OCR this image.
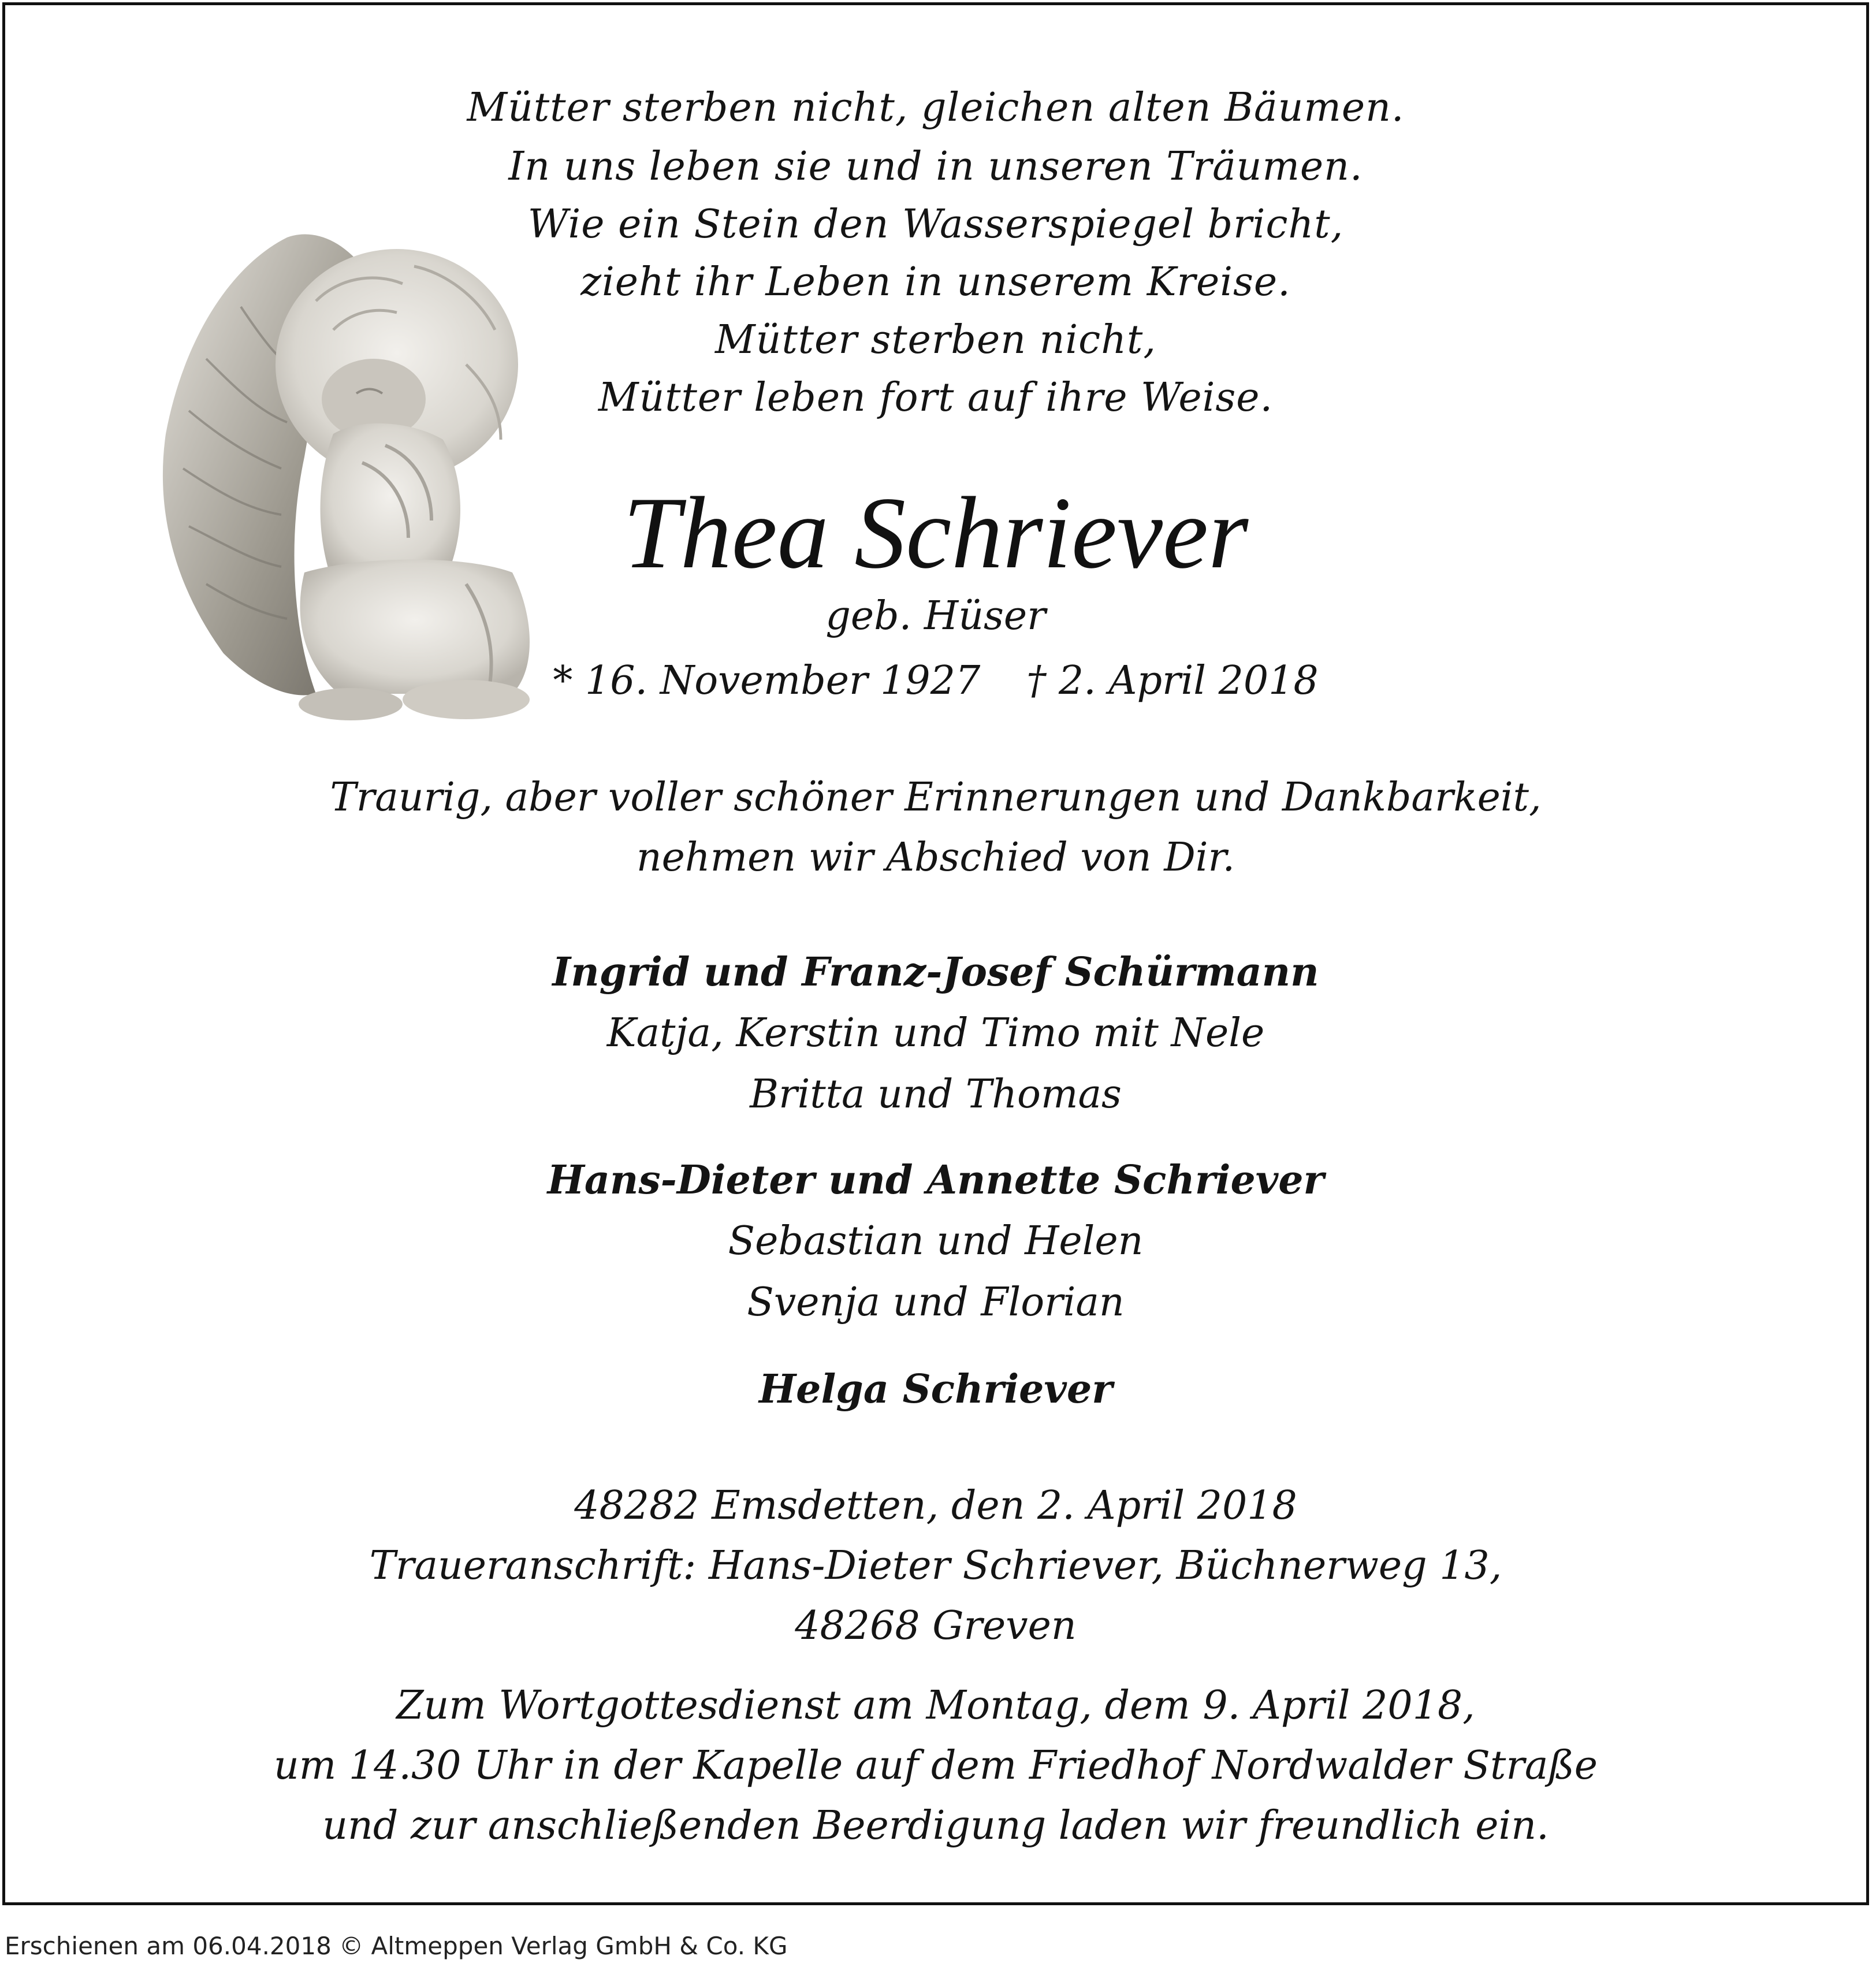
Mütter sterben nicht, gleichen alten Bäumen.
In uns leben sie und in unseren Träumen.
Wie ein Stein den Wasserspiegel bricht,
zieht ihr Leben in unserem Kreise.
Mütter sterben nicht,
Mütter leben fort auf ihre Weise.
Thea Schriever
geb. Hüser
* 16. November 1927 † 2. April 2018
Traurig, aber voller schöner Erinnerungen und Dankbarkeit,
nehmen wir Abschied von Dir.
Ingrid und Franz-Josef Schürmann
Katja, Kerstin und Timo mit Nele
Britta und Thomas
Hans-Dieter und Annette Schriever
Sebastian und Helen
Svenja und Florian
Helga Schriever
48282 Emsdetten, den 2. April 2018
Traueranschrift: Hans-Dieter Schriever, Büchnerweg 13,
48268 Greven
Zum Wortgottesdienst am Montag, dem 9. April 2018,
um 14.30 Uhr in der Kapelle auf dem Friedhof Nordwalder Straße
und zur anschließenden Beerdigung laden wir freundlich ein.
Erschienen am 06.04.2018 © Altmeppen Verlag GmbH & Co. KG
